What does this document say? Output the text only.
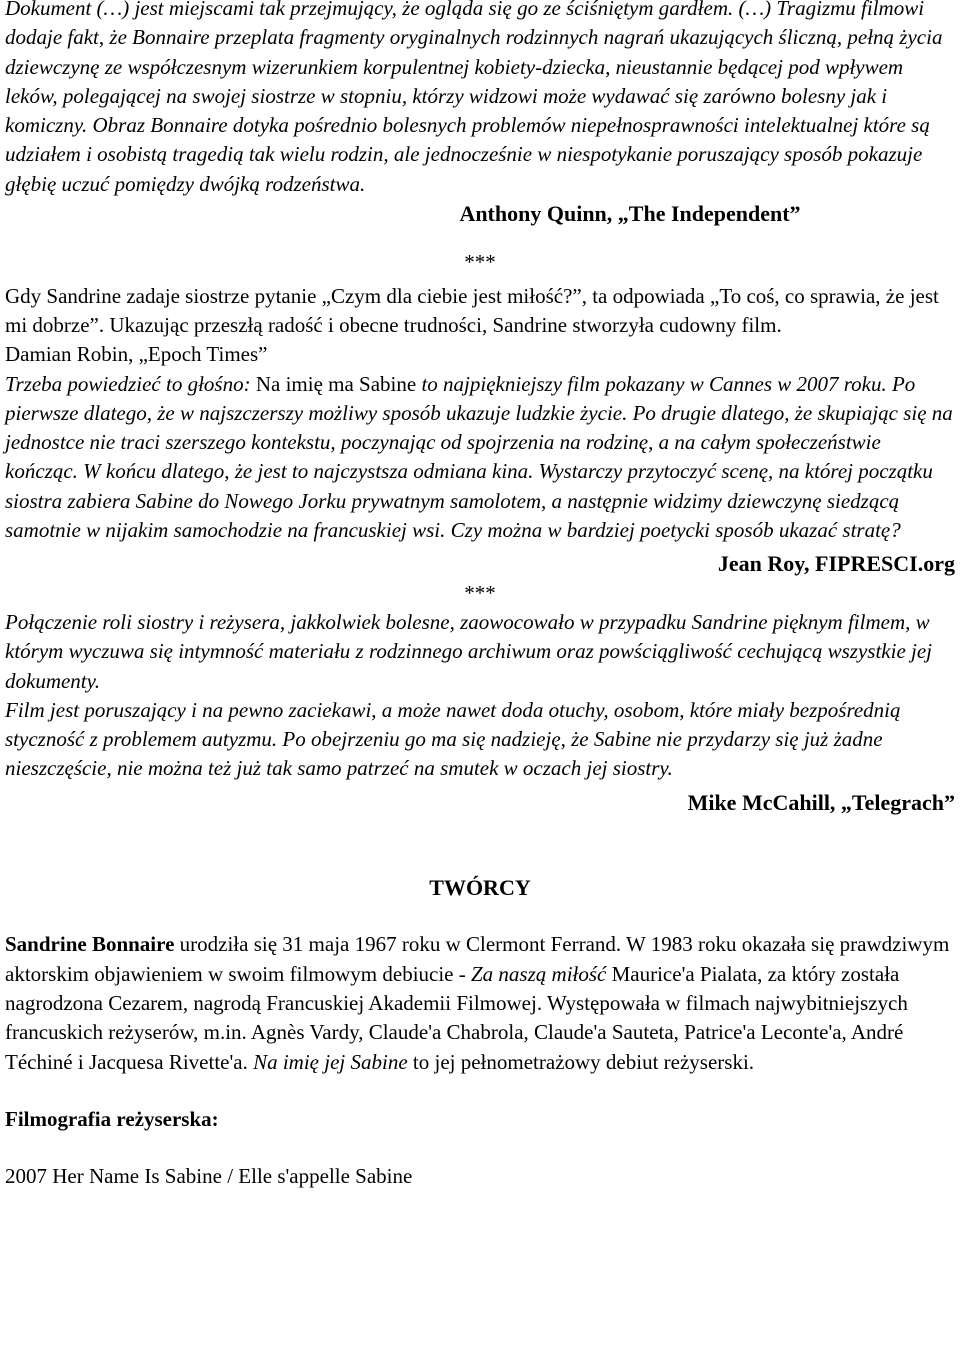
Dokument (…) jest miejscami tak przejmujący, że ogląda się go ze ściśniętym gardłem. (…) Tragizmu filmowi dodaje fakt, że Bonnaire przeplata fragmenty oryginalnych rodzinnych nagrań ukazujących śliczną, pełną życia dziewczynę ze współczesnym wizerunkiem korpulentnej kobiety-dziecka, nieustannie będącej pod wpływem leków, polegającej na swojej siostrze w stopniu, którzy widzowi może wydawać się zarówno bolesny jak i komiczny. Obraz Bonnaire dotyka pośrednio bolesnych problemów niepełnosprawności intelektualnej które są udziałem i osobistą tragedią tak wielu rodzin, ale jednocześnie w niespotykanie poruszający sposób pokazuje głębię uczuć pomiędzy dwójką rodzeństwa.

Anthony Quinn, „The Independent”

***

Gdy Sandrine zadaje siostrze pytanie „Czym dla ciebie jest miłość?”, ta odpowiada „To coś, co sprawia, że jest mi dobrze”. Ukazując przeszłą radość i obecne trudności, Sandrine stworzyła cudowny film.

Damian Robin, „Epoch Times”

Trzeba powiedzieć to głośno: Na imię ma Sabine to najpiękniejszy film pokazany w Cannes w 2007 roku. Po pierwsze dlatego, że w najszczerszy możliwy sposób ukazuje ludzkie życie. Po drugie dlatego, że skupiając się na jednostce nie traci szerszego kontekstu, poczynając od spojrzenia na rodzinę, a na całym społeczeństwie kończąc. W końcu dlatego, że jest to najczystsza odmiana kina. Wystarczy przytoczyć scenę, na której początku siostra zabiera Sabine do Nowego Jorku prywatnym samolotem, a następnie widzimy dziewczynę siedzącą samotnie w nijakim samochodzie na francuskiej wsi. Czy można w bardziej poetycki sposób ukazać stratę?

Jean Roy, FIPRESCI.org

***

Połączenie roli siostry i reżysera, jakkolwiek bolesne, zaowocowało w przypadku Sandrine pięknym filmem, w którym wyczuwa się intymność materiału z rodzinnego archiwum oraz powściągliwość cechującą wszystkie jej dokumenty.

Film jest poruszający i na pewno zaciekawi, a może nawet doda otuchy, osobom, które miały bezpośrednią styczność z problemem autyzmu. Po obejrzeniu go ma się nadzieję, że Sabine nie przydarzy się już żadne nieszczęście, nie można też już tak samo patrzeć na smutek w oczach jej siostry.

Mike McCahill, „Telegrach”

TWÓRCY

Sandrine Bonnaire urodziła się 31 maja 1967 roku w Clermont Ferrand. W 1983 roku okazała się prawdziwym aktorskim objawieniem w swoim filmowym debiucie - Za naszą miłość Maurice'a Pialata, za który została nagrodzona Cezarem, nagrodą Francuskiej Akademii Filmowej. Występowała w filmach najwybitniejszych francuskich reżyserów, m.in. Agnès Vardy, Claude'a Chabrola, Claude'a Sauteta, Patrice'a Leconte'a, André Téchiné i Jacquesa Rivette'a. Na imię jej Sabine to jej pełnometrażowy debiut reżyserski.

Filmografia reżyserska:

2007 Her Name Is Sabine / Elle s'appelle Sabine
